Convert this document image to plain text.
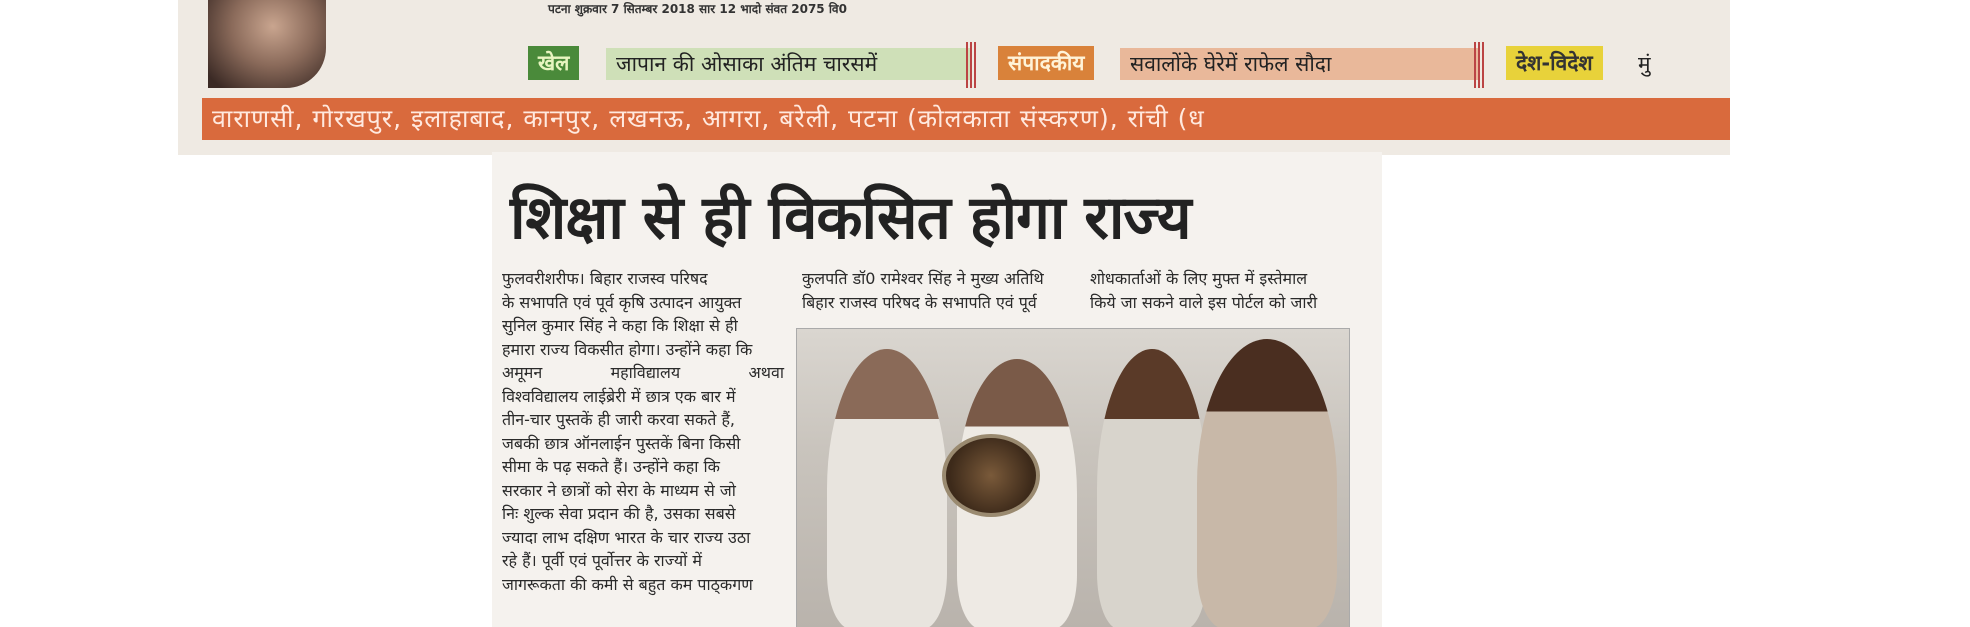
पटना शुक्रवार 7 सितम्बर 2018 सार 12 भादो संवत 2075 वि0
खेल	जापान की ओसाका अंतिम चारसमें	संपादकीय	सवालोंके घेरेमें राफेल सौदा	देश-विदेश	मुं
वाराणसी, गोरखपुर, इलाहाबाद, कानपुर, लखनऊ, आगरा, बरेली, पटना (कोलकाता संस्करण), रांची (ध
शिक्षा से ही विकसित होगा राज्य
फुलवरीशरीफ। बिहार राजस्व परिषद
के सभापति एवं पूर्व कृषि उत्पादन आयुक्त
सुनिल कुमार सिंह ने कहा कि शिक्षा से ही
हमारा राज्य विकसीत होगा। उन्होंने कहा कि
अमूमन महाविद्यालय अथवा
विश्वविद्यालय लाईब्रेरी में छात्र एक बार में
तीन-चार पुस्तकें ही जारी करवा सकते हैं,
जबकी छात्र ऑनलाईन पुस्तकें बिना किसी
सीमा के पढ़ सकते हैं। उन्होंने कहा कि
सरकार ने छात्रों को सेरा के माध्यम से जो
निः शुल्क सेवा प्रदान की है, उसका सबसे
ज्यादा लाभ दक्षिण भारत के चार राज्य उठा
रहे हैं। पूर्वी एवं पूर्वोत्तर के राज्यों में
जागरूकता की कमी से बहुत कम पाठ्कगण
कुलपति डॉ0 रामेश्वर सिंह ने मुख्य अतिथि
बिहार राजस्व परिषद के सभापति एवं पूर्व
शोधकार्ताओं के लिए मुफ्त में इस्तेमाल
किये जा सकने वाले इस पोर्टल को जारी
